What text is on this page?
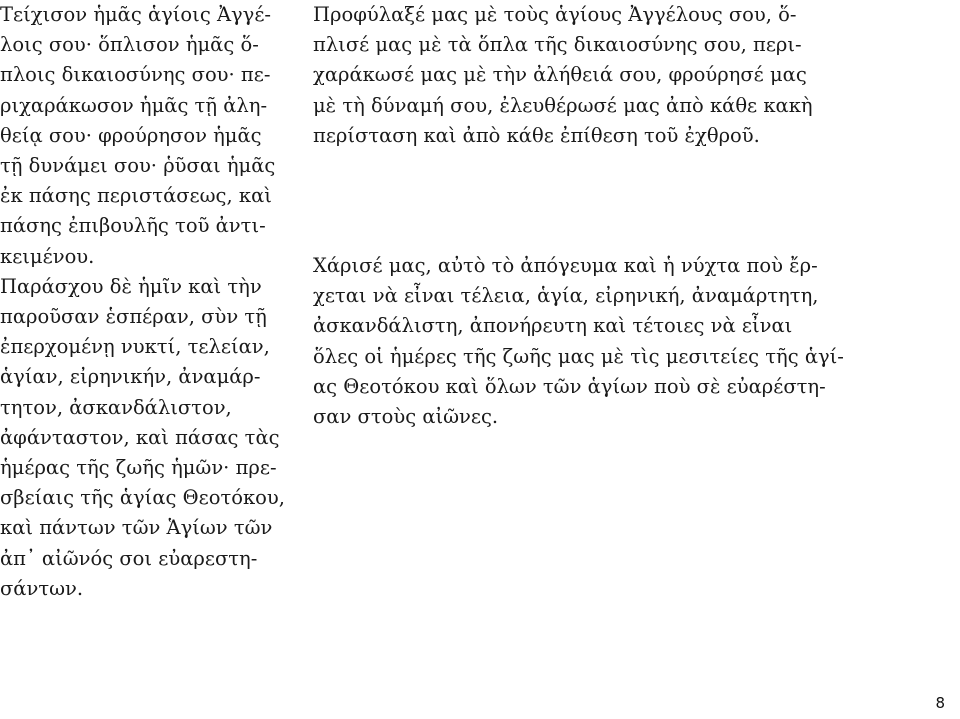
Τείχισον ἡμᾶς ἁγίοις Ἀγγέ-
λοις σου· ὅπλισον ἡμᾶς ὅ-
πλοις δικαιοσύνης σου· πε-
ριχαράκωσον ἡμᾶς τῇ ἀλη-
θείᾳ σου· φρούρησον ἡμᾶς
τῇ δυνάμει σου· ῥῦσαι ἡμᾶς
ἐκ πάσης περιστάσεως, καὶ
πάσης ἐπιβουλῆς τοῦ ἀντι-
κειμένου.
Παράσχου δὲ ἡμῖν καὶ τὴν
παροῦσαν ἑσπέραν, σὺν τῇ
ἐπερχομένῃ νυκτί, τελείαν,
ἁγίαν, εἰρηνικήν, ἀναμάρ-
τητον, ἀσκανδάλιστον,
ἀφάνταστον, καὶ πάσας τὰς
ἡμέρας τῆς ζωῆς ἡμῶν· πρε-
σβείαις τῆς ἁγίας Θεοτόκου,
καὶ πάντων τῶν Ἁγίων τῶν
ἀπ᾽ αἰῶνός σοι εὐαρεστη-
σάντων.
Προφύλαξέ μας μὲ τοὺς ἁγίους Ἀγγέλους σου, ὅ-
πλισέ μας μὲ τὰ ὅπλα τῆς δικαιοσύνης σου, περι-
χαράκωσέ μας μὲ τὴν ἀλήθειά σου, φρούρησέ μας
μὲ τὴ δύναμή σου, ἐλευθέρωσέ μας ἀπὸ κάθε κακὴ
περίσταση καὶ ἀπὸ κάθε ἐπίθεση τοῦ ἐχθροῦ.
Χάρισέ μας, αὐτὸ τὸ ἀπόγευμα καὶ ἡ νύχτα ποὺ ἔρ-
χεται νὰ εἶναι τέλεια, ἁγία, εἰρηνική, ἀναμάρτητη,
ἀσκανδάλιστη, ἀπονήρευτη καὶ τέτοιες νὰ εἶναι
ὅλες οἱ ἡμέρες τῆς ζωῆς μας μὲ τὶς μεσιτείες τῆς ἁγί-
ας Θεοτόκου καὶ ὅλων τῶν ἁγίων ποὺ σὲ εὐαρέστη-
σαν στοὺς αἰῶνες.
8
